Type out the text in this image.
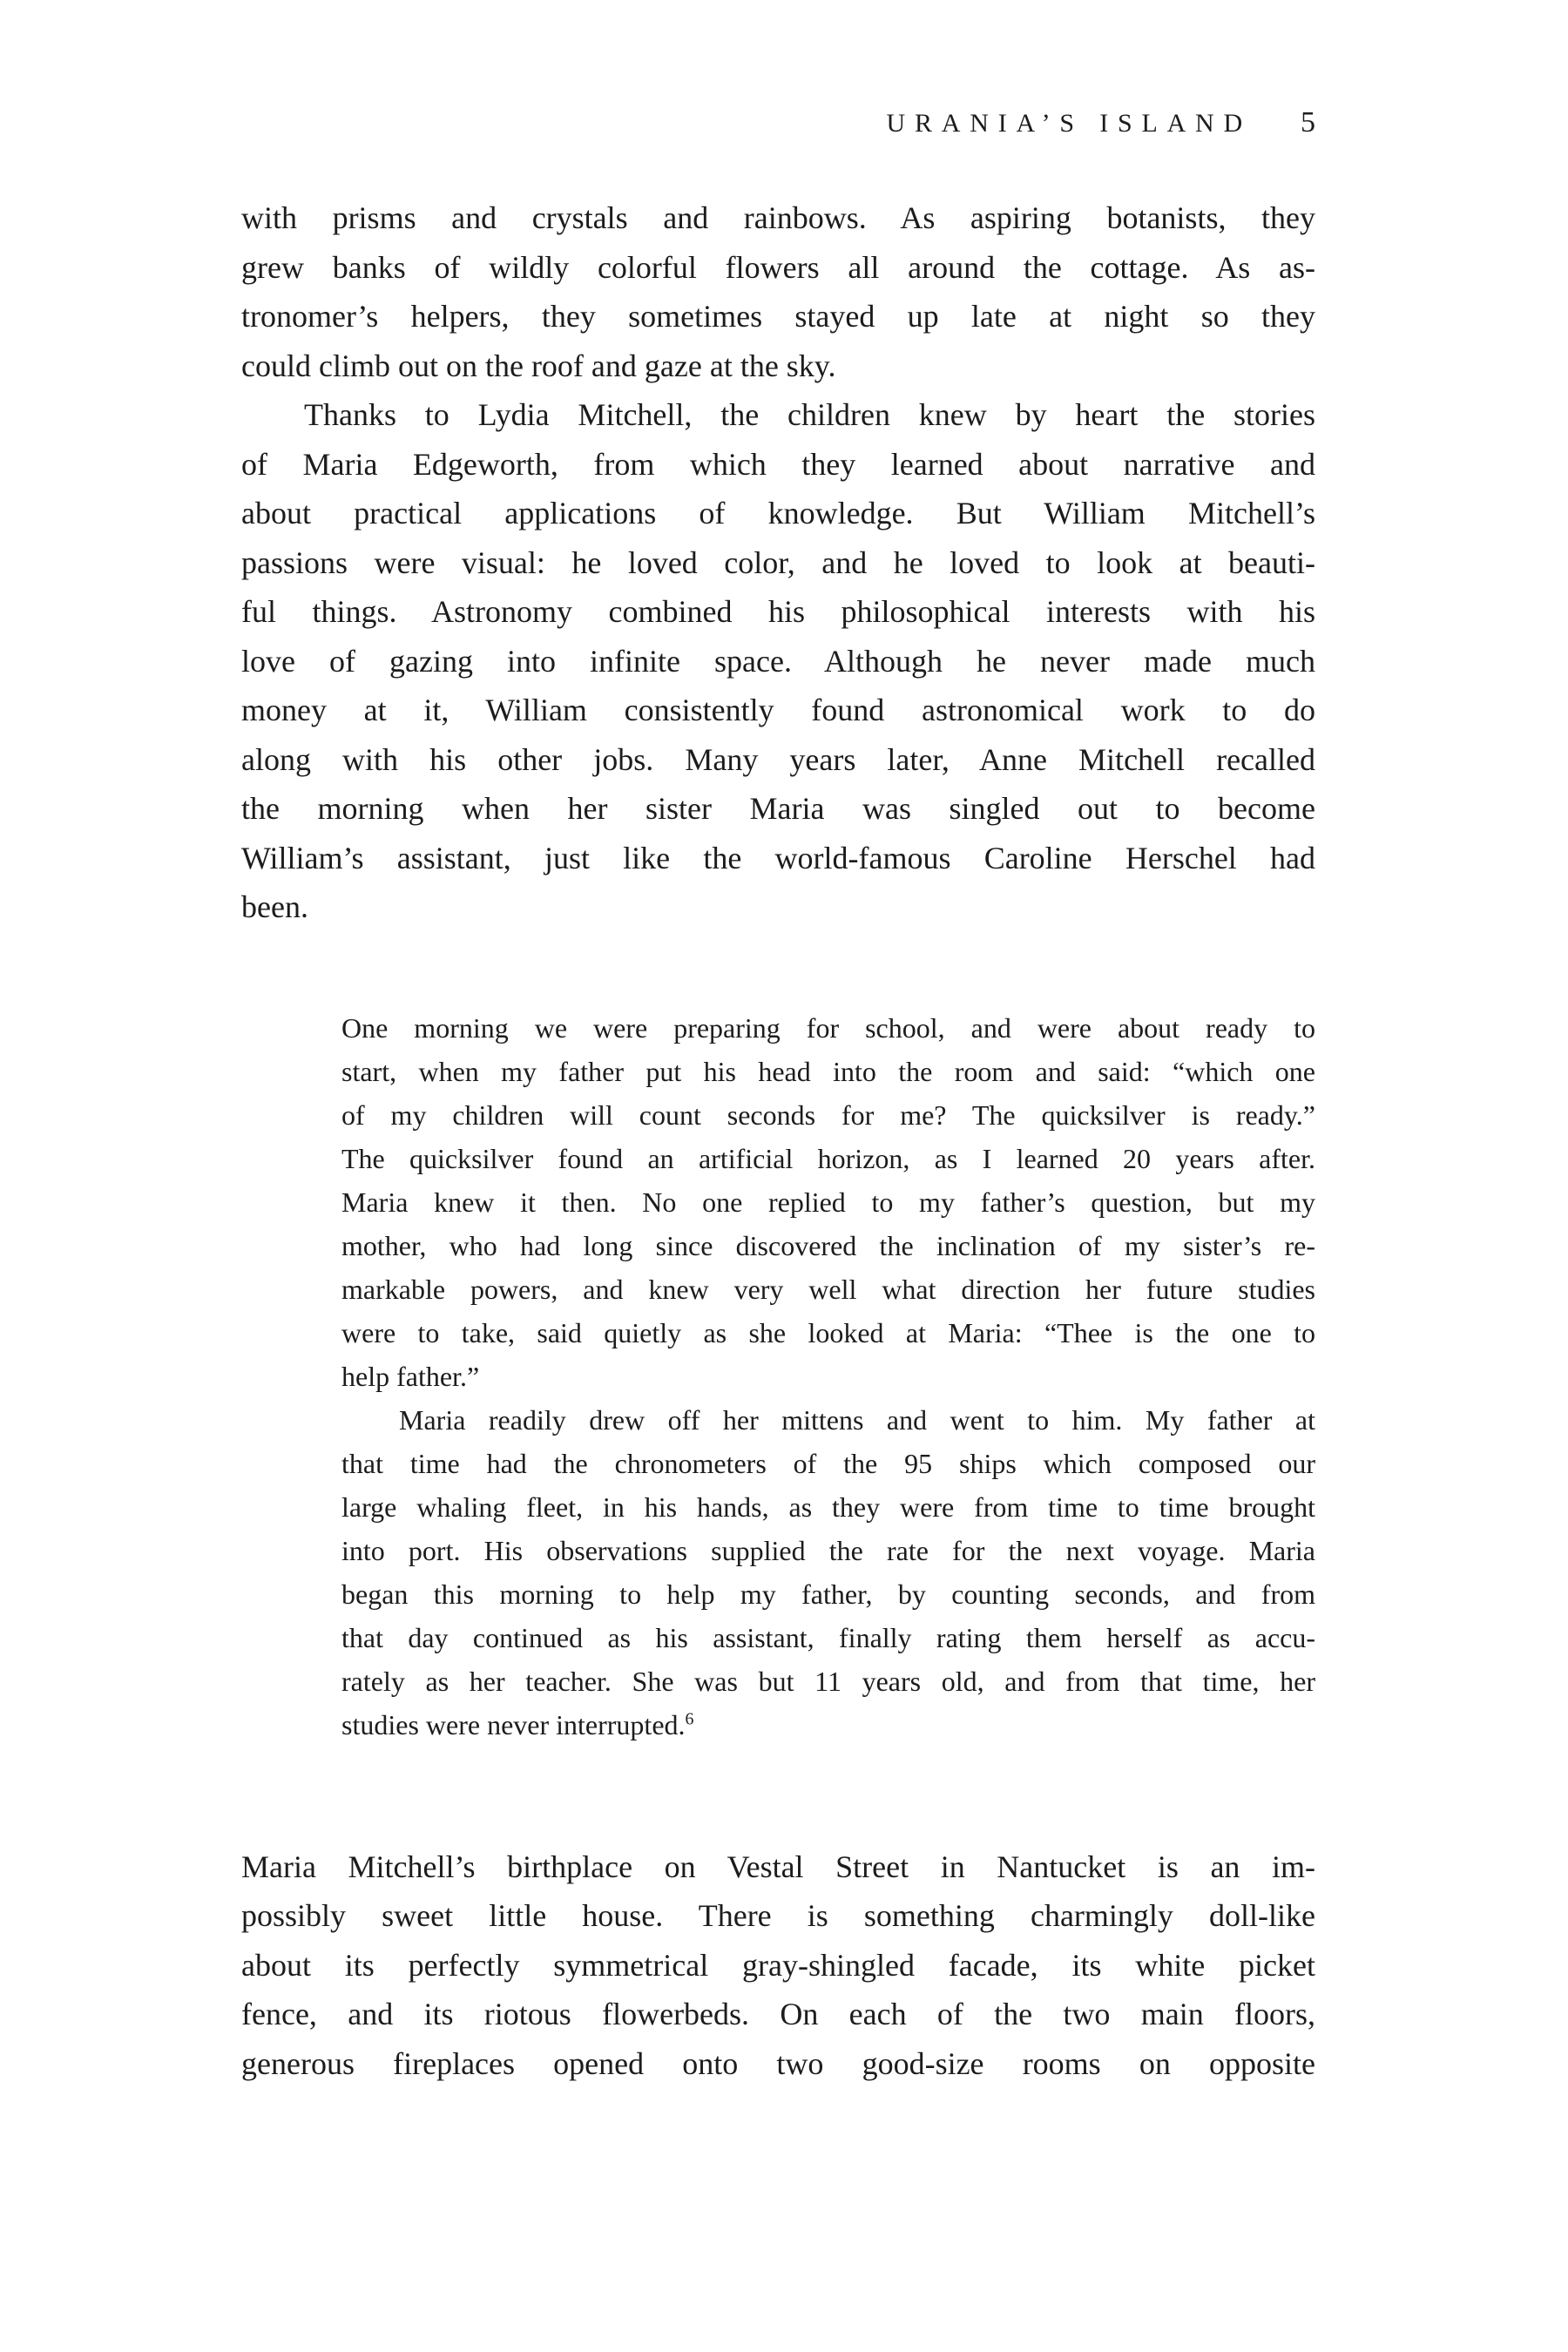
URANIA’S ISLAND 5
with prisms and crystals and rainbows. As aspiring botanists, they
grew banks of wildly colorful flowers all around the cottage. As as-
tronomer’s helpers, they sometimes stayed up late at night so they
could climb out on the roof and gaze at the sky.
Thanks to Lydia Mitchell, the children knew by heart the stories
of Maria Edgeworth, from which they learned about narrative and
about practical applications of knowledge. But William Mitchell’s
passions were visual: he loved color, and he loved to look at beauti-
ful things. Astronomy combined his philosophical interests with his
love of gazing into infinite space. Although he never made much
money at it, William consistently found astronomical work to do
along with his other jobs. Many years later, Anne Mitchell recalled
the morning when her sister Maria was singled out to become
William’s assistant, just like the world-famous Caroline Herschel had
been.
One morning we were preparing for school, and were about ready to
start, when my father put his head into the room and said: “which one
of my children will count seconds for me? The quicksilver is ready.”
The quicksilver found an artificial horizon, as I learned 20 years after.
Maria knew it then. No one replied to my father’s question, but my
mother, who had long since discovered the inclination of my sister’s re-
markable powers, and knew very well what direction her future studies
were to take, said quietly as she looked at Maria: “Thee is the one to
help father.”
Maria readily drew off her mittens and went to him. My father at
that time had the chronometers of the 95 ships which composed our
large whaling fleet, in his hands, as they were from time to time brought
into port. His observations supplied the rate for the next voyage. Maria
began this morning to help my father, by counting seconds, and from
that day continued as his assistant, finally rating them herself as accu-
rately as her teacher. She was but 11 years old, and from that time, her
studies were never interrupted.$^6$
Maria Mitchell’s birthplace on Vestal Street in Nantucket is an im-
possibly sweet little house. There is something charmingly doll-like
about its perfectly symmetrical gray-shingled facade, its white picket
fence, and its riotous flowerbeds. On each of the two main floors,
generous fireplaces opened onto two good-size rooms on opposite
